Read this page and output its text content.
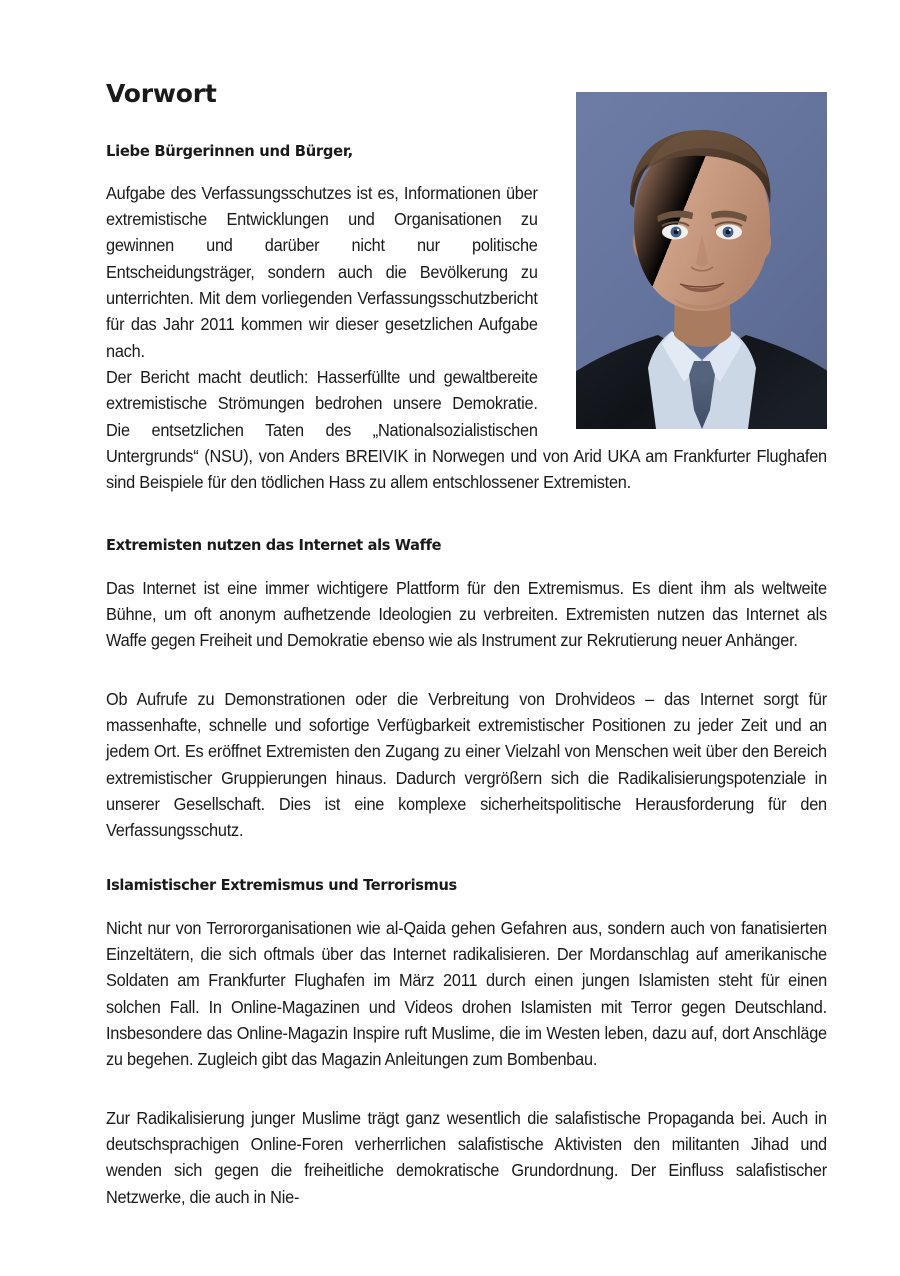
Vorwort
Liebe Bürgerinnen und Bürger,

Aufgabe des Verfassungsschutzes ist es, Informationen über extremistische Entwicklungen und Organisationen zu gewinnen und darüber nicht nur politische Entscheidungsträger, sondern auch die Bevölkerung zu unterrichten. Mit dem vorliegenden Verfassungsschutzbericht für das Jahr 2011 kommen wir dieser gesetzlichen Aufgabe nach.

Der Bericht macht deutlich: Hasserfüllte und gewaltbereite extremistische Strömungen bedrohen unsere Demokratie. Die entsetzlichen Taten des „Nationalsozialistischen Untergrunds“ (NSU), von Anders BREIVIK in Norwegen und von Arid UKA am Frankfurter Flughafen sind Beispiele für den tödlichen Hass zu allem entschlossener Extremisten.

Extremisten nutzen das Internet als Waffe

Das Internet ist eine immer wichtigere Plattform für den Extremismus. Es dient ihm als weltweite Bühne, um oft anonym aufhetzende Ideologien zu verbreiten. Extremisten nutzen das Internet als Waffe gegen Freiheit und Demokratie ebenso wie als Instrument zur Rekrutierung neuer Anhänger.

Ob Aufrufe zu Demonstrationen oder die Verbreitung von Drohvideos – das Internet sorgt für massenhafte, schnelle und sofortige Verfügbarkeit extremistischer Positionen zu jeder Zeit und an jedem Ort. Es eröffnet Extremisten den Zugang zu einer Vielzahl von Menschen weit über den Bereich extremistischer Gruppierungen hinaus. Dadurch vergrößern sich die Radikalisierungspotenziale in unserer Gesellschaft. Dies ist eine komplexe sicherheitspolitische Herausforderung für den Verfassungsschutz.

Islamistischer Extremismus und Terrorismus

Nicht nur von Terrororganisationen wie al-Qaida gehen Gefahren aus, sondern auch von fanatisierten Einzeltätern, die sich oftmals über das Internet radikalisieren. Der Mordanschlag auf amerikanische Soldaten am Frankfurter Flughafen im März 2011 durch einen jungen Islamisten steht für einen solchen Fall. In Online-Magazinen und Videos drohen Islamisten mit Terror gegen Deutschland. Insbesondere das Online-Magazin Inspire ruft Muslime, die im Westen leben, dazu auf, dort Anschläge zu begehen. Zugleich gibt das Magazin Anleitungen zum Bombenbau.

Zur Radikalisierung junger Muslime trägt ganz wesentlich die salafistische Propaganda bei. Auch in deutschsprachigen Online-Foren verherrlichen salafistische Aktivisten den militanten Jihad und wenden sich gegen die freiheitliche demokratische Grundordnung. Der Einfluss salafistischer Netzwerke, die auch in Nie-
